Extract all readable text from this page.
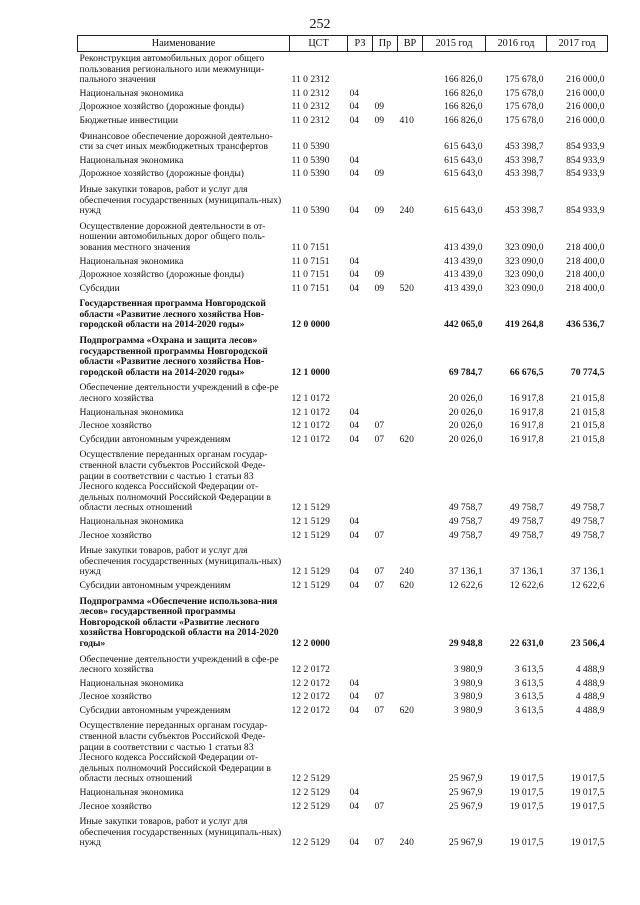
252
Наименование	ЦСТ	РЗ	Пр	ВР	2015 год	2016 год	2017 год
Реконструкция автомобильных дорог общего пользования регионального или межмуници-пального значения	11 0 2312				166 826,0	175 678,0	216 000,0
Национальная экономика	11 0 2312	04			166 826,0	175 678,0	216 000,0
Дорожное хозяйство (дорожные фонды)	11 0 2312	04	09		166 826,0	175 678,0	216 000,0
Бюджетные инвестиции	11 0 2312	04	09	410	166 826,0	175 678,0	216 000,0
Финансовое обеспечение дорожной деятельно-сти за счет иных межбюджетных трансфертов	11 0 5390				615 643,0	453 398,7	854 933,9
Национальная экономика	11 0 5390	04			615 643,0	453 398,7	854 933,9
Дорожное хозяйство (дорожные фонды)	11 0 5390	04	09		615 643,0	453 398,7	854 933,9
Иные закупки товаров, работ и услуг для обеспечения государственных (муниципаль-ных) нужд	11 0 5390	04	09	240	615 643,0	453 398,7	854 933,9
Осуществление дорожной деятельности в от-ношении автомобильных дорог общего поль-зования местного значения	11 0 7151				413 439,0	323 090,0	218 400,0
Национальная экономика	11 0 7151	04			413 439,0	323 090,0	218 400,0
Дорожное хозяйство (дорожные фонды)	11 0 7151	04	09		413 439,0	323 090,0	218 400,0
Субсидии	11 0 7151	04	09	520	413 439,0	323 090,0	218 400,0
Государственная программа Новгородской области «Развитие лесного хозяйства Нов-городской области на 2014-2020 годы»	12 0 0000				442 065,0	419 264,8	436 536,7
Подпрограмма «Охрана и защита лесов» государственной программы Новгородской области «Развитие лесного хозяйства Нов-городской области на 2014-2020 годы»	12 1 0000				69 784,7	66 676,5	70 774,5
Обеспечение деятельности учреждений в сфе-ре лесного хозяйства	12 1 0172				20 026,0	16 917,8	21 015,8
Национальная экономика	12 1 0172	04			20 026,0	16 917,8	21 015,8
Лесное хозяйство	12 1 0172	04	07		20 026,0	16 917,8	21 015,8
Субсидии автономным учреждениям	12 1 0172	04	07	620	20 026,0	16 917,8	21 015,8
Осуществление переданных органам государ-ственной власти субъектов Российской Феде-рации в соответствии с частью 1 статьи 83 Лесного кодекса Российской Федерации от-дельных полномочий Российской Федерации в области лесных отношений	12 1 5129				49 758,7	49 758,7	49 758,7
Национальная экономика	12 1 5129	04			49 758,7	49 758,7	49 758,7
Лесное хозяйство	12 1 5129	04	07		49 758,7	49 758,7	49 758,7
Иные закупки товаров, работ и услуг для обеспечения государственных (муниципаль-ных) нужд	12 1 5129	04	07	240	37 136,1	37 136,1	37 136,1
Субсидии автономным учреждениям	12 1 5129	04	07	620	12 622,6	12 622,6	12 622,6
Подпрограмма «Обеспечение использова-ния лесов» государственной программы Новгородской области «Развитие лесного хозяйства Новгородской области на 2014-2020 годы»	12 2 0000				29 948,8	22 631,0	23 506,4
Обеспечение деятельности учреждений в сфе-ре лесного хозяйства	12 2 0172				3 980,9	3 613,5	4 488,9
Национальная экономика	12 2 0172	04			3 980,9	3 613,5	4 488,9
Лесное хозяйство	12 2 0172	04	07		3 980,9	3 613,5	4 488,9
Субсидии автономным учреждениям	12 2 0172	04	07	620	3 980,9	3 613,5	4 488,9
Осуществление переданных органам государ-ственной власти субъектов Российской Феде-рации в соответствии с частью 1 статьи 83 Лесного кодекса Российской Федерации от-дельных полномочий Российской Федерации в области лесных отношений	12 2 5129				25 967,9	19 017,5	19 017,5
Национальная экономика	12 2 5129	04			25 967,9	19 017,5	19 017,5
Лесное хозяйство	12 2 5129	04	07		25 967,9	19 017,5	19 017,5
Иные закупки товаров, работ и услуг для обеспечения государственных (муниципаль-ных) нужд	12 2 5129	04	07	240	25 967,9	19 017,5	19 017,5
